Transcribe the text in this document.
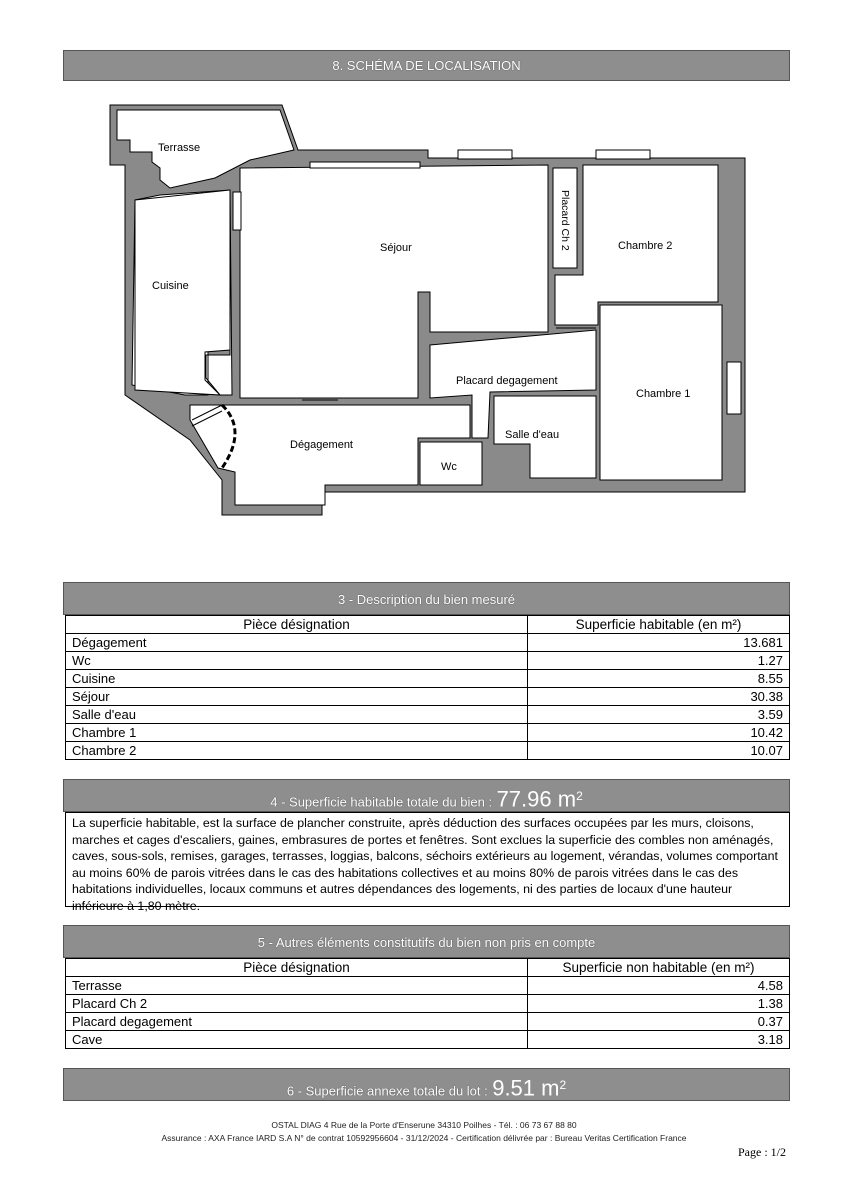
8. SCHÉMA DE LOCALISATION
Terrasse
Séjour	Placard Ch 2	Chambre 2
Cuisine
Placard degagement
Chambre 1
Salle d'eau
Dégagement
Wc
3 - Description du bien mesuré
Pièce désignation	Superficie habitable (en m²)
Dégagement	13.681
Wc	1.27
Cuisine	8.55
Séjour	30.38
Salle d'eau	3.59
Chambre 1	10.42
Chambre 2	10.07
4 - Superficie habitable totale du bien : 77.96 $m^2$
La superficie habitable, est la surface de plancher construite, après déduction des surfaces occupées par les murs, cloisons, marches et cages d'escaliers, gaines, embrasures de portes et fenêtres. Sont exclues la superficie des combles non aménagés, caves, sous-sols, remises, garages, terrasses, loggias, balcons, séchoirs extérieurs au logement, vérandas, volumes comportant au moins 60% de parois vitrées dans le cas des habitations collectives et au moins 80% de parois vitrées dans le cas des habitations individuelles, locaux communs et autres dépendances des logements, ni des parties de locaux d'une hauteur inférieure à 1,80 mètre.
5 - Autres éléments constitutifs du bien non pris en compte
Pièce désignation	Superficie non habitable (en m²)
Terrasse	4.58
Placard Ch 2	1.38
Placard degagement	0.37
Cave	3.18
6 - Superficie annexe totale du lot : 9.51 $m^2$
OSTAL DIAG 4 Rue de la Porte d'Enserune 34310 Poilhes - Tél. : 06 73 67 88 80
Assurance : AXA France IARD S.A N° de contrat 10592956604 - 31/12/2024 - Certification délivrée par : Bureau Veritas Certification France
Page : 1/2
